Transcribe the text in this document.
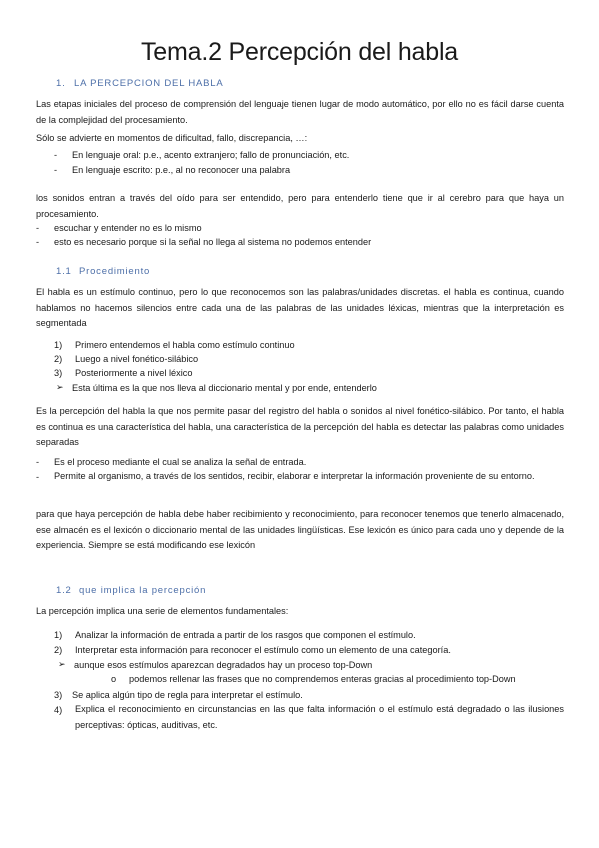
Tema.2 Percepción del habla
1. LA PERCEPCION DEL HABLA
Las etapas iniciales del proceso de comprensión del lenguaje tienen lugar de modo automático, por ello no es fácil darse cuenta de la complejidad del procesamiento.
Sólo se advierte en momentos de dificultad, fallo, discrepancia, …:
- En lenguaje oral: p.e., acento extranjero; fallo de pronunciación, etc.
- En lenguaje escrito: p.e., al no reconocer una palabra
los sonidos entran a través del oído para ser entendido, pero para entenderlo tiene que ir al cerebro para que haya un procesamiento.
- escuchar y entender no es lo mismo
- esto es necesario porque si la señal no llega al sistema no podemos entender
1.1 Procedimiento
El habla es un estímulo continuo, pero lo que reconocemos son las palabras/unidades discretas. el habla es continua, cuando hablamos no hacemos silencios entre cada una de las palabras de las unidades léxicas, mientras que la interpretación es segmentada
1) Primero entendemos el habla como estímulo continuo
2) Luego a nivel fonético-silábico
3) Posteriormente a nivel léxico
➢ Esta última es la que nos lleva al diccionario mental y por ende, entenderlo
Es la percepción del habla la que nos permite pasar del registro del habla o sonidos al nivel fonético-silábico. Por tanto, el habla es continua es una característica del habla, una característica de la percepción del habla es detectar las palabras como unidades separadas
- Es el proceso mediante el cual se analiza la señal de entrada.
- Permite al organismo, a través de los sentidos, recibir, elaborar e interpretar la información proveniente de su entorno.
para que haya percepción de habla debe haber recibimiento y reconocimiento, para reconocer tenemos que tenerlo almacenado, ese almacén es el lexicón o diccionario mental de las unidades lingüísticas. Ese lexicón es único para cada uno y depende de la experiencia. Siempre se está modificando ese lexicón
1.2 que implica la percepción
La percepción implica una serie de elementos fundamentales:
1) Analizar la información de entrada a partir de los rasgos que componen el estímulo.
2) Interpretar esta información para reconocer el estímulo como un elemento de una categoría.
➢ aunque esos estímulos aparezcan degradados hay un proceso top-Down
o podemos rellenar las frases que no comprendemos enteras gracias al procedimiento top-Down
3) Se aplica algún tipo de regla para interpretar el estímulo.
4) Explica el reconocimiento en circunstancias en las que falta información o el estímulo está degradado o las ilusiones perceptivas: ópticas, auditivas, etc.
